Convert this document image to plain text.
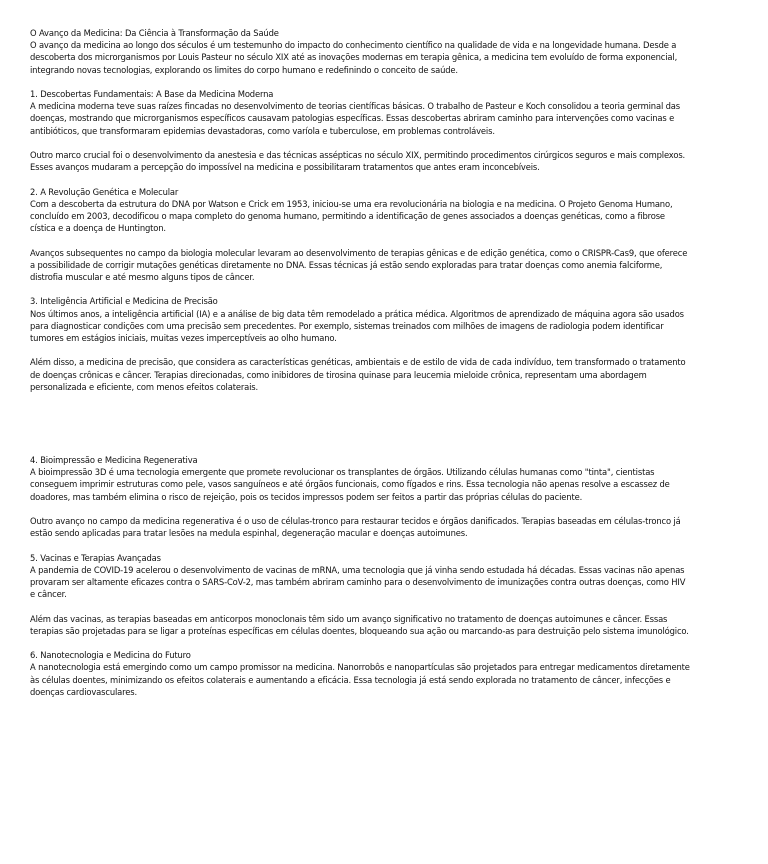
O Avanço da Medicina: Da Ciência à Transformação da Saúde

O avanço da medicina ao longo dos séculos é um testemunho do impacto do conhecimento científico na qualidade de vida e na longevidade humana. Desde a descoberta dos microrganismos por Louis Pasteur no século XIX até as inovações modernas em terapia gênica, a medicina tem evoluído de forma exponencial, integrando novas tecnologias, explorando os limites do corpo humano e redefinindo o conceito de saúde.

1. Descobertas Fundamentais: A Base da Medicina Moderna

A medicina moderna teve suas raízes fincadas no desenvolvimento de teorias científicas básicas. O trabalho de Pasteur e Koch consolidou a teoria germinal das doenças, mostrando que microrganismos específicos causavam patologias específicas. Essas descobertas abriram caminho para intervenções como vacinas e antibióticos, que transformaram epidemias devastadoras, como varíola e tuberculose, em problemas controláveis.

Outro marco crucial foi o desenvolvimento da anestesia e das técnicas assépticas no século XIX, permitindo procedimentos cirúrgicos seguros e mais complexos. Esses avanços mudaram a percepção do impossível na medicina e possibilitaram tratamentos que antes eram inconcebíveis.

2. A Revolução Genética e Molecular

Com a descoberta da estrutura do DNA por Watson e Crick em 1953, iniciou-se uma era revolucionária na biologia e na medicina. O Projeto Genoma Humano, concluído em 2003, decodificou o mapa completo do genoma humano, permitindo a identificação de genes associados a doenças genéticas, como a fibrose cística e a doença de Huntington.

Avanços subsequentes no campo da biologia molecular levaram ao desenvolvimento de terapias gênicas e de edição genética, como o CRISPR-Cas9, que oferece a possibilidade de corrigir mutações genéticas diretamente no DNA. Essas técnicas já estão sendo exploradas para tratar doenças como anemia falciforme, distrofia muscular e até mesmo alguns tipos de câncer.

3. Inteligência Artificial e Medicina de Precisão

Nos últimos anos, a inteligência artificial (IA) e a análise de big data têm remodelado a prática médica. Algoritmos de aprendizado de máquina agora são usados para diagnosticar condições com uma precisão sem precedentes. Por exemplo, sistemas treinados com milhões de imagens de radiologia podem identificar tumores em estágios iniciais, muitas vezes imperceptíveis ao olho humano.

Além disso, a medicina de precisão, que considera as características genéticas, ambientais e de estilo de vida de cada indivíduo, tem transformado o tratamento de doenças crônicas e câncer. Terapias direcionadas, como inibidores de tirosina quinase para leucemia mieloide crônica, representam uma abordagem personalizada e eficiente, com menos efeitos colaterais.

4. Bioimpressão e Medicina Regenerativa

A bioimpressão 3D é uma tecnologia emergente que promete revolucionar os transplantes de órgãos. Utilizando células humanas como "tinta", cientistas conseguem imprimir estruturas como pele, vasos sanguíneos e até órgãos funcionais, como fígados e rins. Essa tecnologia não apenas resolve a escassez de doadores, mas também elimina o risco de rejeição, pois os tecidos impressos podem ser feitos a partir das próprias células do paciente.

Outro avanço no campo da medicina regenerativa é o uso de células-tronco para restaurar tecidos e órgãos danificados. Terapias baseadas em células-tronco já estão sendo aplicadas para tratar lesões na medula espinhal, degeneração macular e doenças autoimunes.

5. Vacinas e Terapias Avançadas

A pandemia de COVID-19 acelerou o desenvolvimento de vacinas de mRNA, uma tecnologia que já vinha sendo estudada há décadas. Essas vacinas não apenas provaram ser altamente eficazes contra o SARS-CoV-2, mas também abriram caminho para o desenvolvimento de imunizações contra outras doenças, como HIV e câncer.

Além das vacinas, as terapias baseadas em anticorpos monoclonais têm sido um avanço significativo no tratamento de doenças autoimunes e câncer. Essas terapias são projetadas para se ligar a proteínas específicas em células doentes, bloqueando sua ação ou marcando-as para destruição pelo sistema imunológico.

6. Nanotecnologia e Medicina do Futuro

A nanotecnologia está emergindo como um campo promissor na medicina. Nanorrobôs e nanopartículas são projetados para entregar medicamentos diretamente às células doentes, minimizando os efeitos colaterais e aumentando a eficácia. Essa tecnologia já está sendo explorada no tratamento de câncer, infecções e doenças cardiovasculares.
